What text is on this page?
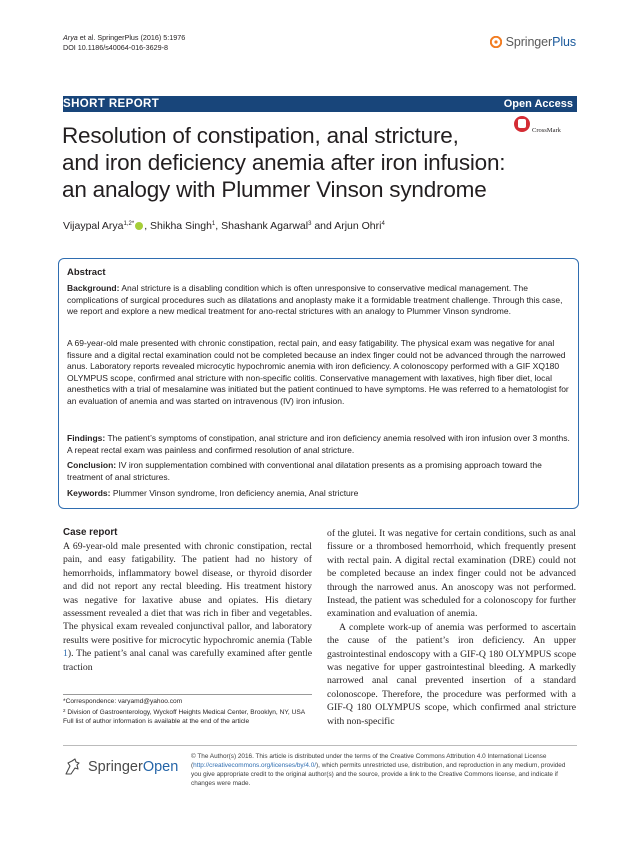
Arya et al. SpringerPlus (2016) 5:1976
DOI 10.1186/s40064-016-3629-8	SpringerPlus
SHORT REPORT	Open Access
Resolution of constipation, anal stricture,
and iron deficiency anemia after iron infusion:
an analogy with Plummer Vinson syndrome
CrossMark
Vijaypal Arya$^{1,2*}$ , Shikha Singh$^1$, Shashank Agarwal$^3$ and Arjun Ohri$^4$
Abstract
Background: Anal stricture is a disabling condition which is often unresponsive to conservative medical management. The complications of surgical procedures such as dilatations and anoplasty make it a formidable treatment challenge. Through this case, we report and explore a new medical treatment for ano-rectal strictures with an analogy to Plummer Vinson syndrome.
A 69-year-old male presented with chronic constipation, rectal pain, and easy fatigability. The physical exam was negative for anal fissure and a digital rectal examination could not be completed because an index finger could not be advanced through the narrowed anus. Laboratory reports revealed microcytic hypochromic anemia with iron deficiency. A colonoscopy performed with a GIF XQ180 OLYMPUS scope, confirmed anal stricture with non-specific colitis. Conservative management with laxatives, high fiber diet, local anesthetics with a trial of mesalamine was initiated but the patient continued to have symptoms. He was referred to a hematologist for an evaluation of anemia and was started on intravenous (IV) iron infusion.
Findings: The patient’s symptoms of constipation, anal stricture and iron deficiency anemia resolved with iron infusion over 3 months. A repeat rectal exam was painless and confirmed resolution of anal stricture.
Conclusion: IV iron supplementation combined with conventional anal dilatation presents as a promising approach toward the treatment of anal strictures.
Keywords: Plummer Vinson syndrome, Iron deficiency anemia, Anal stricture
Case report

A 69-year-old male presented with chronic constipation, rectal pain, and easy fatigability. The patient had no history of hemorrhoids, inflammatory bowel disease, or thyroid disorder and did not report any rectal bleeding. His treatment history was negative for laxative abuse and opiates. His dietary assessment revealed a diet that was rich in fiber and vegetables. The physical exam revealed conjunctival pallor, and laboratory results were positive for microcytic hypochromic anemia (Table 1). The patient’s anal canal was carefully examined after gentle traction

of the glutei. It was negative for certain conditions, such as anal fissure or a thrombosed hemorrhoid, which frequently present with rectal pain. A digital rectal examination (DRE) could not be completed because an index finger could not be advanced through the narrowed anus. An anoscopy was not performed. Instead, the patient was scheduled for a colonoscopy for further examination and evaluation of anemia.

A complete work-up of anemia was performed to ascertain the cause of the patient’s iron deficiency. An upper gastrointestinal endoscopy with a GIF-Q 180 OLYMPUS scope was negative for upper gastrointestinal bleeding. A markedly narrowed anal canal prevented insertion of a standard colonoscope. Therefore, the procedure was performed with a GIF-Q 180 OLYMPUS scope, which confirmed anal stricture with non-specific

*Correspondence: varyamd@yahoo.com
$^2$ Division of Gastroenterology, Wyckoff Heights Medical Center, Brooklyn, NY, USA
Full list of author information is available at the end of the article
SpringerOpen
© The Author(s) 2016. This article is distributed under the terms of the Creative Commons Attribution 4.0 International License (http://creativecommons.org/licenses/by/4.0/), which permits unrestricted use, distribution, and reproduction in any medium, provided you give appropriate credit to the original author(s) and the source, provide a link to the Creative Commons license, and indicate if changes were made.
